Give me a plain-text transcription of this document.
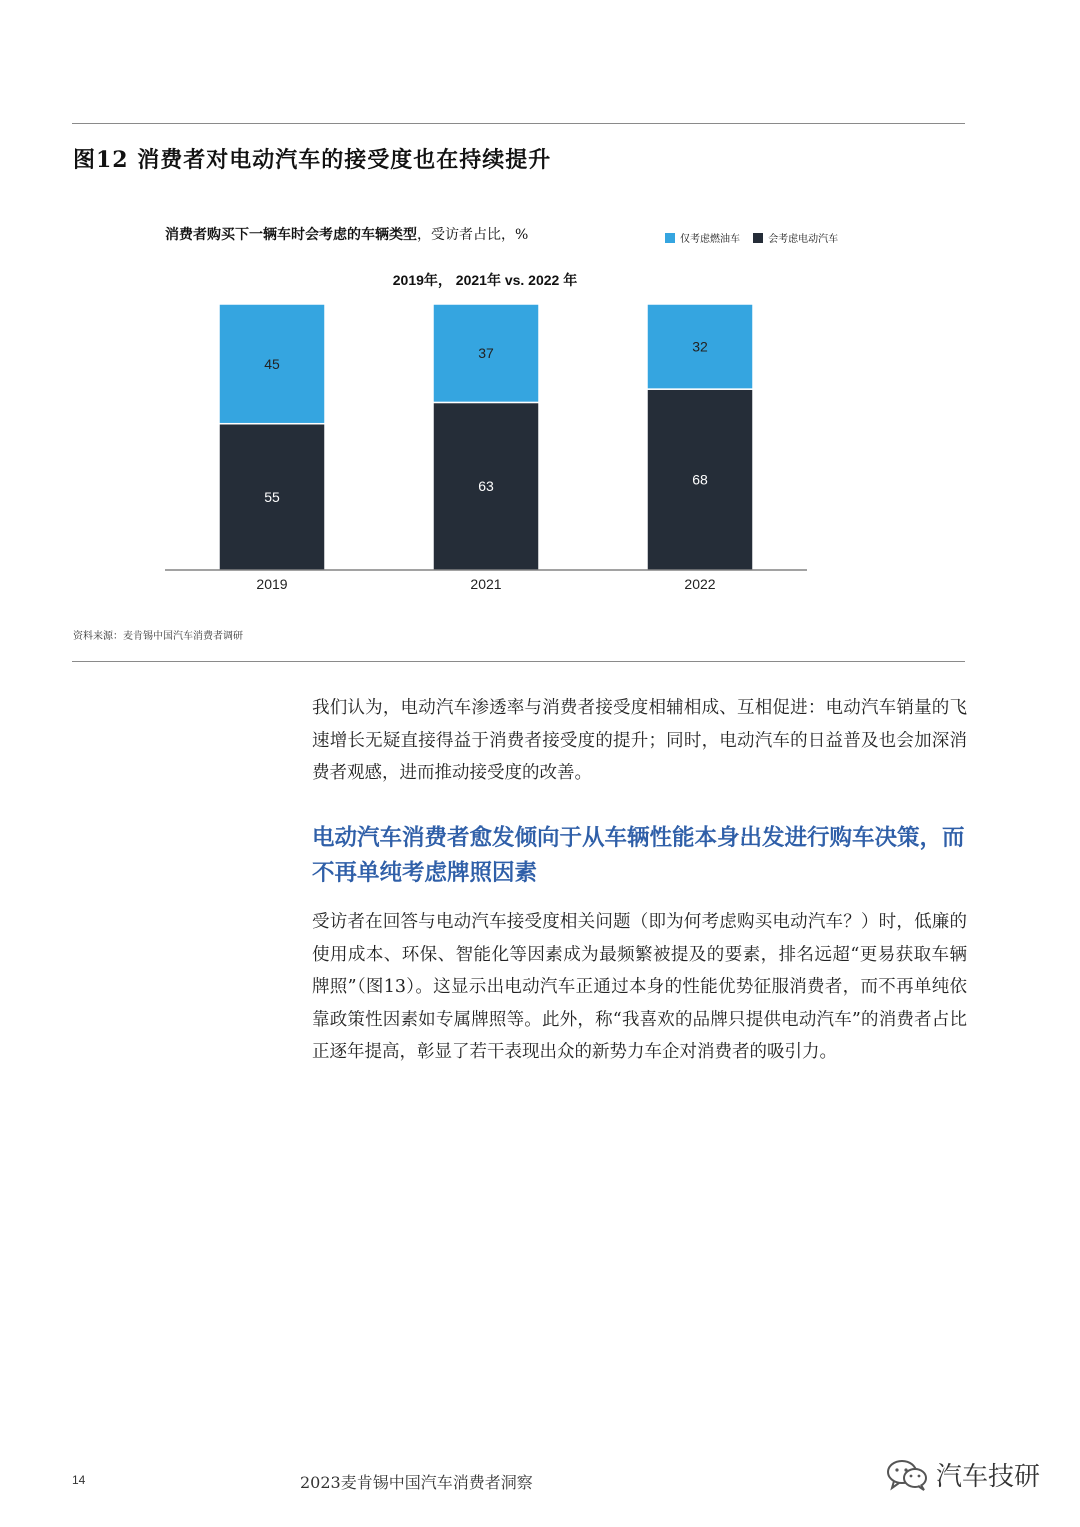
图12 消费者对电动汽车的接受度也在持续提升
消费者购买下一辆车时会考虑的车辆类型，受访者占比，%	仅考虑燃油车
	会考虑电动汽车
2019年， 2021年 vs. 2022 年
55
45
2019
63
37
2021
68
32
2022
资料来源：麦肯锡中国汽车消费者调研
我们认为，电动汽车渗透率与消费者接受度相辅相成、互相促进：电动汽车销量的飞速增长无疑直接得益于消费者接受度的提升；同时，电动汽车的日益普及也会加深消费者观感，进而推动接受度的改善。
电动汽车消费者愈发倾向于从车辆性能本身出发进行购车决策，而不再单纯考虑牌照因素
受访者在回答与电动汽车接受度相关问题（即为何考虑购买电动汽车？）时，低廉的使用成本、环保、智能化等因素成为最频繁被提及的要素，排名远超“更易获取车辆牌照”（图13）。这显示出电动汽车正通过本身的性能优势征服消费者，而不再单纯依靠政策性因素如专属牌照等。此外，称“我喜欢的品牌只提供电动汽车”的消费者占比正逐年提高，彰显了若干表现出众的新势力车企对消费者的吸引力。
14	2023麦肯锡中国汽车消费者洞察	汽车技研
